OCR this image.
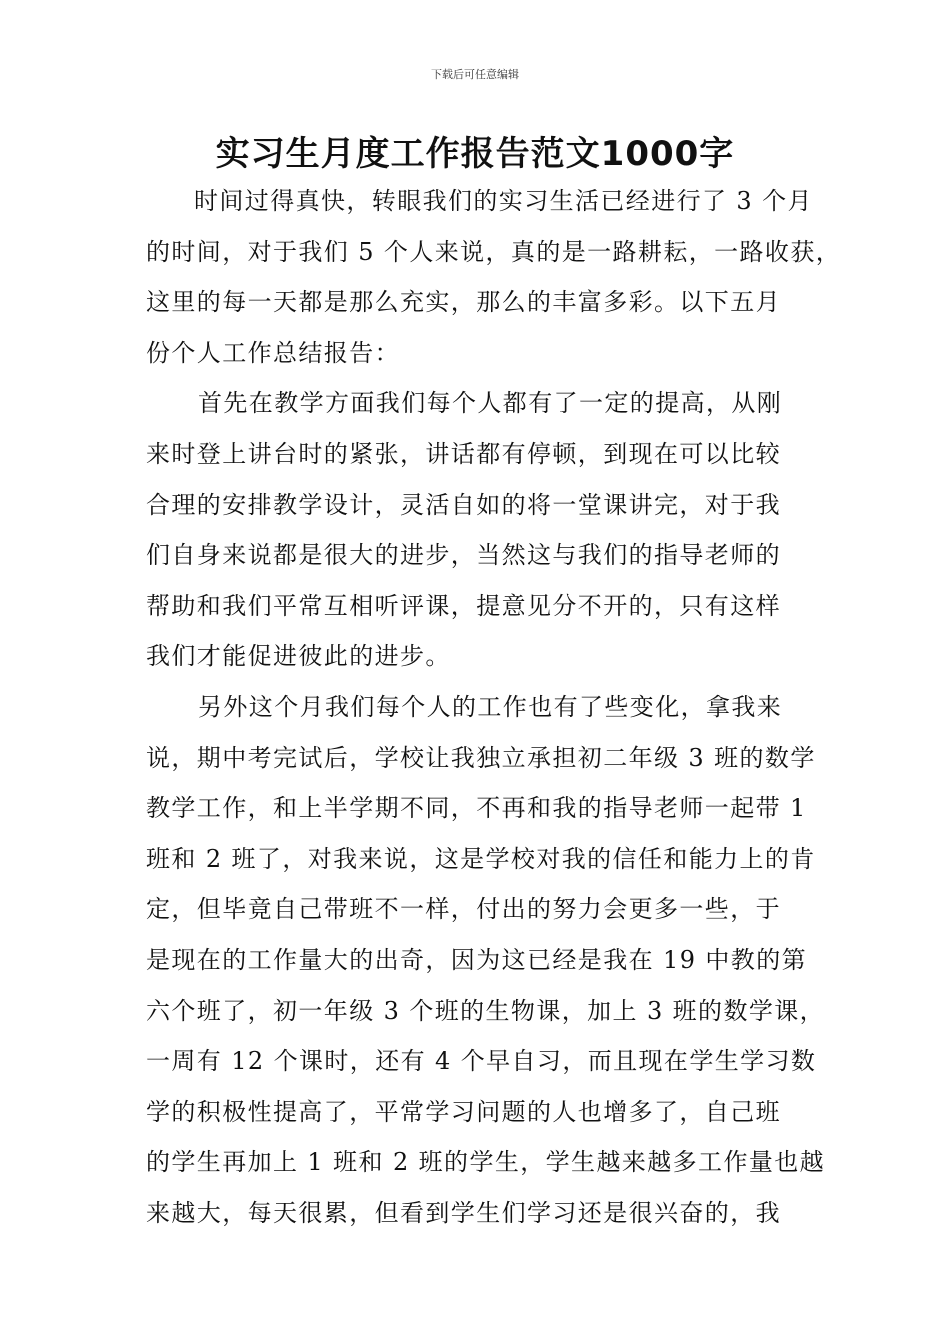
下载后可任意编辑
实习生月度工作报告范文1000字
时间过得真快，转眼我们的实习生活已经进行了 3 个月
的时间，对于我们 5 个人来说，真的是一路耕耘，一路收获，
这里的每一天都是那么充实，那么的丰富多彩。以下五月
份个人工作总结报告：
首先在教学方面我们每个人都有了一定的提高，从刚
来时登上讲台时的紧张，讲话都有停顿，到现在可以比较
合理的安排教学设计，灵活自如的将一堂课讲完，对于我
们自身来说都是很大的进步，当然这与我们的指导老师的
帮助和我们平常互相听评课，提意见分不开的，只有这样
我们才能促进彼此的进步。
另外这个月我们每个人的工作也有了些变化，拿我来
说，期中考完试后，学校让我独立承担初二年级 3 班的数学
教学工作，和上半学期不同，不再和我的指导老师一起带 1
班和 2 班了，对我来说，这是学校对我的信任和能力上的肯
定，但毕竟自己带班不一样，付出的努力会更多一些，于
是现在的工作量大的出奇，因为这已经是我在 19 中教的第
六个班了，初一年级 3 个班的生物课，加上 3 班的数学课，
一周有 12 个课时，还有 4 个早自习，而且现在学生学习数
学的积极性提高了，平常学习问题的人也增多了，自己班
的学生再加上 1 班和 2 班的学生，学生越来越多工作量也越
来越大，每天很累，但看到学生们学习还是很兴奋的，我
